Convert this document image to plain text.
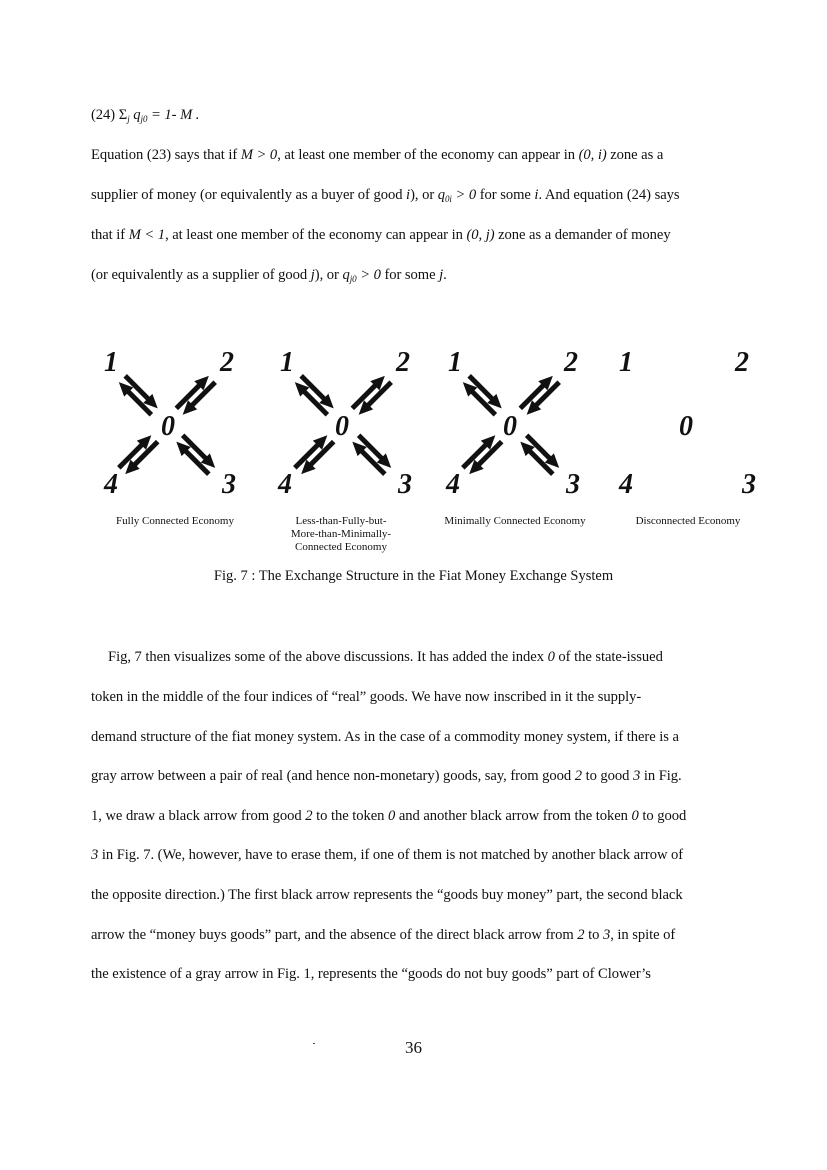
(24) $\Sigma_j$ $q_{j0} = 1-$ M .
Equation (23) says that if M > 0, at least one member of the economy can appear in (0, i) zone as a
supplier of money (or equivalently as a buyer of good i), or $q_{0i} > 0$ for some i. And equation (24) says
that if M < 1, at least one member of the economy can appear in (0, j) zone as a demander of money
(or equivalently as a supplier of good j), or $q_{j0} > 0$ for some j.
1	2
0
4	3
1	2
0
4	3
1	2
0
4	3
1	2
0
4	3
Fully Connected Economy	Less-than-Fully-but-
More-than-Minimally-
Connected Economy
Minimally Connected Economy	Disconnected Economy
Fig. 7 : The Exchange Structure in the Fiat Money Exchange System
Fig, 7 then visualizes some of the above discussions. It has added the index 0 of the state-issued
token in the middle of the four indices of “real” goods. We have now inscribed in it the supply-
demand structure of the fiat money system. As in the case of a commodity money system, if there is a
gray arrow between a pair of real (and hence non-monetary) goods, say, from good 2 to good 3 in Fig.
1, we draw a black arrow from good 2 to the token 0 and another black arrow from the token 0 to good
3 in Fig. 7. (We, however, have to erase them, if one of them is not matched by another black arrow of
the opposite direction.) The first black arrow represents the “goods buy money” part, the second black
arrow the “money buys goods” part, and the absence of the direct black arrow from 2 to 3, in spite of
the existence of a gray arrow in Fig. 1, represents the “goods do not buy goods” part of Clower’s
36
